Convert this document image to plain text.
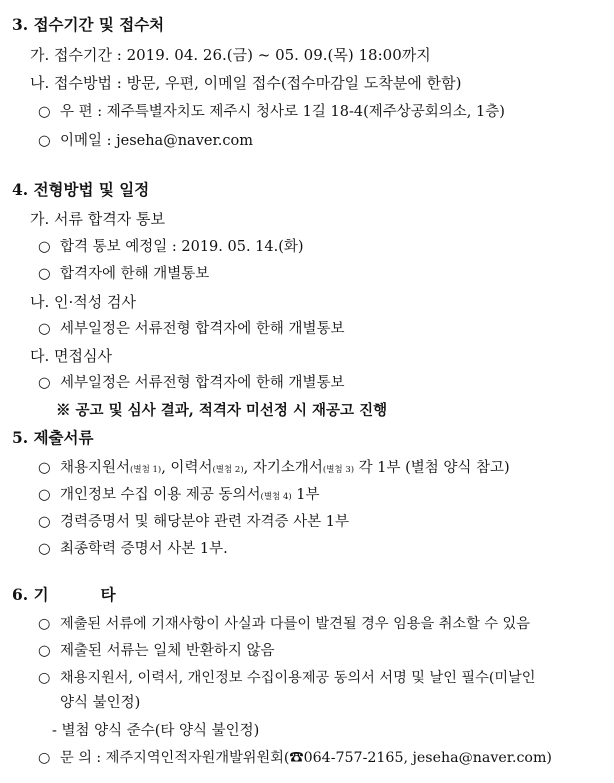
3. 접수기간 및 접수처
가. 접수기간 : 2019. 04. 26.(금) ~ 05. 09.(목) 18:00까지
나. 접수방법 : 방문, 우편, 이메일 접수(접수마감일 도착분에 한함)
○ 우 편 : 제주특별자치도 제주시 청사로 1길 18-4(제주상공회의소, 1층)
○ 이메일 : jeseha@naver.com
4. 전형방법 및 일정
가. 서류 합격자 통보
○ 합격 통보 예정일 : 2019. 05. 14.(화)
○ 합격자에 한해 개별통보
나. 인·적성 검사
○ 세부일정은 서류전형 합격자에 한해 개별통보
다. 면접심사
○ 세부일정은 서류전형 합격자에 한해 개별통보
※ 공고 및 심사 결과, 적격자 미선정 시 재공고 진행
5. 제출서류
○ 채용지원서(별첨 1), 이력서(별첨 2), 자기소개서(별첨 3) 각 1부 (별첨 양식 참고)
○ 개인정보 수집 이용 제공 동의서(별첨 4) 1부
○ 경력증명서 및 해당분야 관련 자격증 사본 1부
○ 최종학력 증명서 사본 1부.
6. 기	타
○ 제출된 서류에 기재사항이 사실과 다를이 발견될 경우 임용을 취소할 수 있음
○ 제출된 서류는 일체 반환하지 않음
○ 채용지원서, 이력서, 개인정보 수집이용제공 동의서 서명 및 날인 필수(미날인
양식 불인정)
- 별첨 양식 준수(타 양식 불인정)
○ 문 의 : 제주지역인적자원개발위원회(☎064-757-2165, jeseha@naver.com)
